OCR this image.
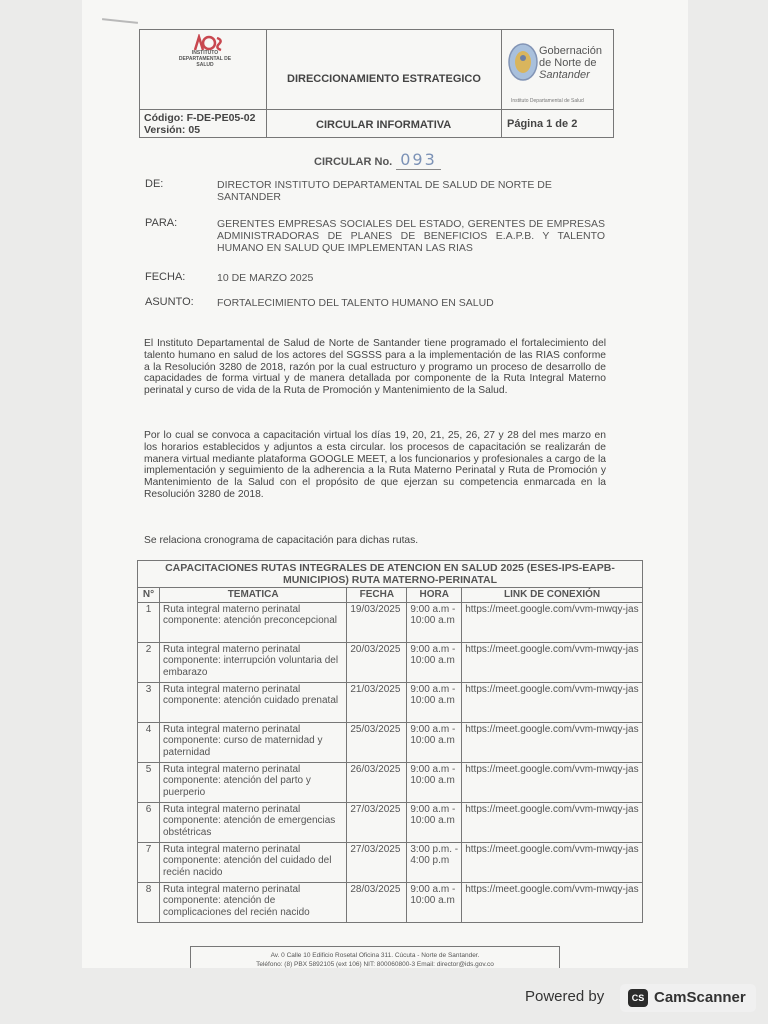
INSTITUTO DEPARTAMENTAL DE SALUD
DIRECCIONAMIENTO ESTRATEGICO
Gobernación
de Norte de
Santander
Instituto Departamental de Salud
Código: F-DE-PE05-02
Versión: 05	CIRCULAR INFORMATIVA	Página 1 de 2
CIRCULAR No. 093
DE:	DIRECTOR INSTITUTO DEPARTAMENTAL DE SALUD DE NORTE DE SANTANDER
PARA:	GERENTES EMPRESAS SOCIALES DEL ESTADO, GERENTES DE EMPRESAS ADMINISTRADORAS DE PLANES DE BENEFICIOS E.A.P.B. Y TALENTO HUMANO EN SALUD QUE IMPLEMENTAN LAS RIAS
FECHA:	10 DE MARZO 2025
ASUNTO: FORTALECIMIENTO DEL TALENTO HUMANO EN SALUD
El Instituto Departamental de Salud de Norte de Santander tiene programado el fortalecimiento del talento humano en salud de los actores del SGSSS para a la implementación de las RIAS conforme a la Resolución 3280 de 2018, razón por la cual estructuro y programo un proceso de desarrollo de capacidades de forma virtual y de manera detallada por componente de la Ruta Integral Materno perinatal y curso de vida de la Ruta de Promoción y Mantenimiento de la Salud.
Por lo cual se convoca a capacitación virtual los días 19, 20, 21, 25, 26, 27 y 28 del mes marzo en los horarios establecidos y adjuntos a esta circular. los procesos de capacitación se realizarán de manera virtual mediante plataforma GOOGLE MEET, a los funcionarios y profesionales a cargo de la implementación y seguimiento de la adherencia a la Ruta Materno Perinatal y Ruta de Promoción y Mantenimiento de la Salud con el propósito de que ejerzan su competencia enmarcada en la Resolución 3280 de 2018.
Se relaciona cronograma de capacitación para dichas rutas.
CAPACITACIONES RUTAS INTEGRALES DE ATENCION EN SALUD 2025 (ESES-IPS-EAPB-MUNICIPIOS) RUTA MATERNO-PERINATAL				
N°	TEMATICA	FECHA	HORA	LINK DE CONEXIÓN
1	Ruta integral materno perinatal componente: atención preconcepcional	19/03/2025	9:00 a.m - 10:00 a.m	https://meet.google.com/vvm-mwqy-jas
2	Ruta integral materno perinatal componente: interrupción voluntaria del embarazo	20/03/2025	9:00 a.m - 10:00 a.m	https://meet.google.com/vvm-mwqy-jas
3	Ruta integral materno perinatal componente: atención cuidado prenatal	21/03/2025	9:00 a.m - 10:00 a.m	https://meet.google.com/vvm-mwqy-jas
4	Ruta integral materno perinatal componente: curso de maternidad y paternidad	25/03/2025	9:00 a.m - 10:00 a.m	https://meet.google.com/vvm-mwqy-jas
5	Ruta integral materno perinatal componente: atención del parto y puerperio	26/03/2025	9:00 a.m - 10:00 a.m	https://meet.google.com/vvm-mwqy-jas
6	Ruta integral materno perinatal componente: atención de emergencias obstétricas	27/03/2025	9:00 a.m - 10:00 a.m	https://meet.google.com/vvm-mwqy-jas
7	Ruta integral materno perinatal componente: atención del cuidado del recién nacido	27/03/2025	3:00 p.m. - 4:00 p.m	https://meet.google.com/vvm-mwqy-jas
8	Ruta integral materno perinatal componente: atención de complicaciones del recién nacido	28/03/2025	9:00 a.m - 10:00 a.m	https://meet.google.com/vvm-mwqy-jas
Av. 0 Calle 10 Edificio Rosetal Oficina 311. Cúcuta - Norte de Santander.
Teléfono: (8) PBX 5892105 (ext 106) NIT: 800060800-3 Email: director@ids.gov.co
Powered by	CS CamScanner
